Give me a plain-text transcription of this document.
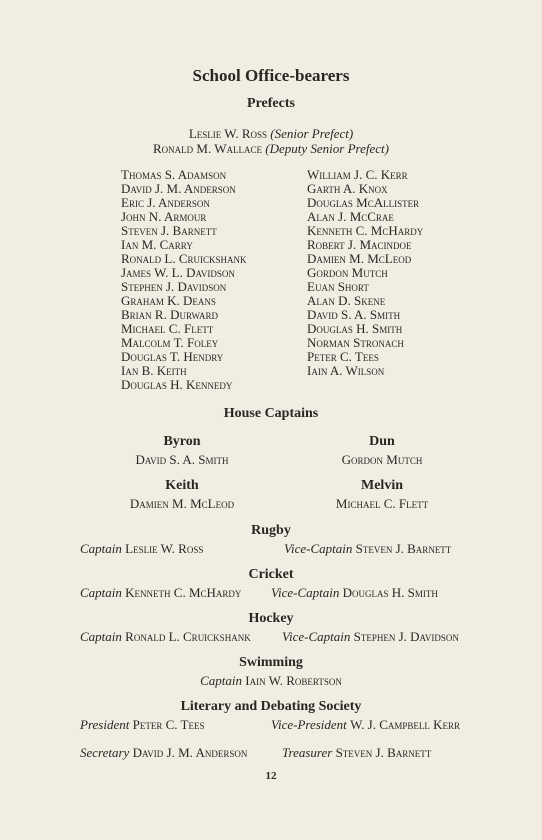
School Office-bearers
Prefects
Leslie W. Ross (Senior Prefect)
Ronald M. Wallace (Deputy Senior Prefect)
Thomas S. Adamson
David J. M. Anderson
Eric J. Anderson
John N. Armour
Steven J. Barnett
Ian M. Carry
Ronald L. Cruickshank
James W. L. Davidson
Stephen J. Davidson
Graham K. Deans
Brian R. Durward
Michael C. Flett
Malcolm T. Foley
Douglas T. Hendry
Ian B. Keith
Douglas H. Kennedy
William J. C. Kerr
Garth A. Knox
Douglas McAllister
Alan J. McCrae
Kenneth C. McHardy
Robert J. Macindoe
Damien M. McLeod
Gordon Mutch
Euan Short
Alan D. Skene
David S. A. Smith
Douglas H. Smith
Norman Stronach
Peter C. Tees
Iain A. Wilson
House Captains
Byron
David S. A. Smith
Dun
Gordon Mutch
Keith
Damien M. McLeod
Melvin
Michael C. Flett
Rugby
Captain Leslie W. Ross	Vice-Captain Steven J. Barnett
Cricket
Captain Kenneth C. McHardy Vice-Captain Douglas H. Smith
Hockey
Captain Ronald L. Cruickshank Vice-Captain Stephen J. Davidson
Swimming
Captain Iain W. Robertson
Literary and Debating Society
President Peter C. Tees	Vice-President W. J. Campbell Kerr
Secretary David J. M. Anderson	Treasurer Steven J. Barnett
12
